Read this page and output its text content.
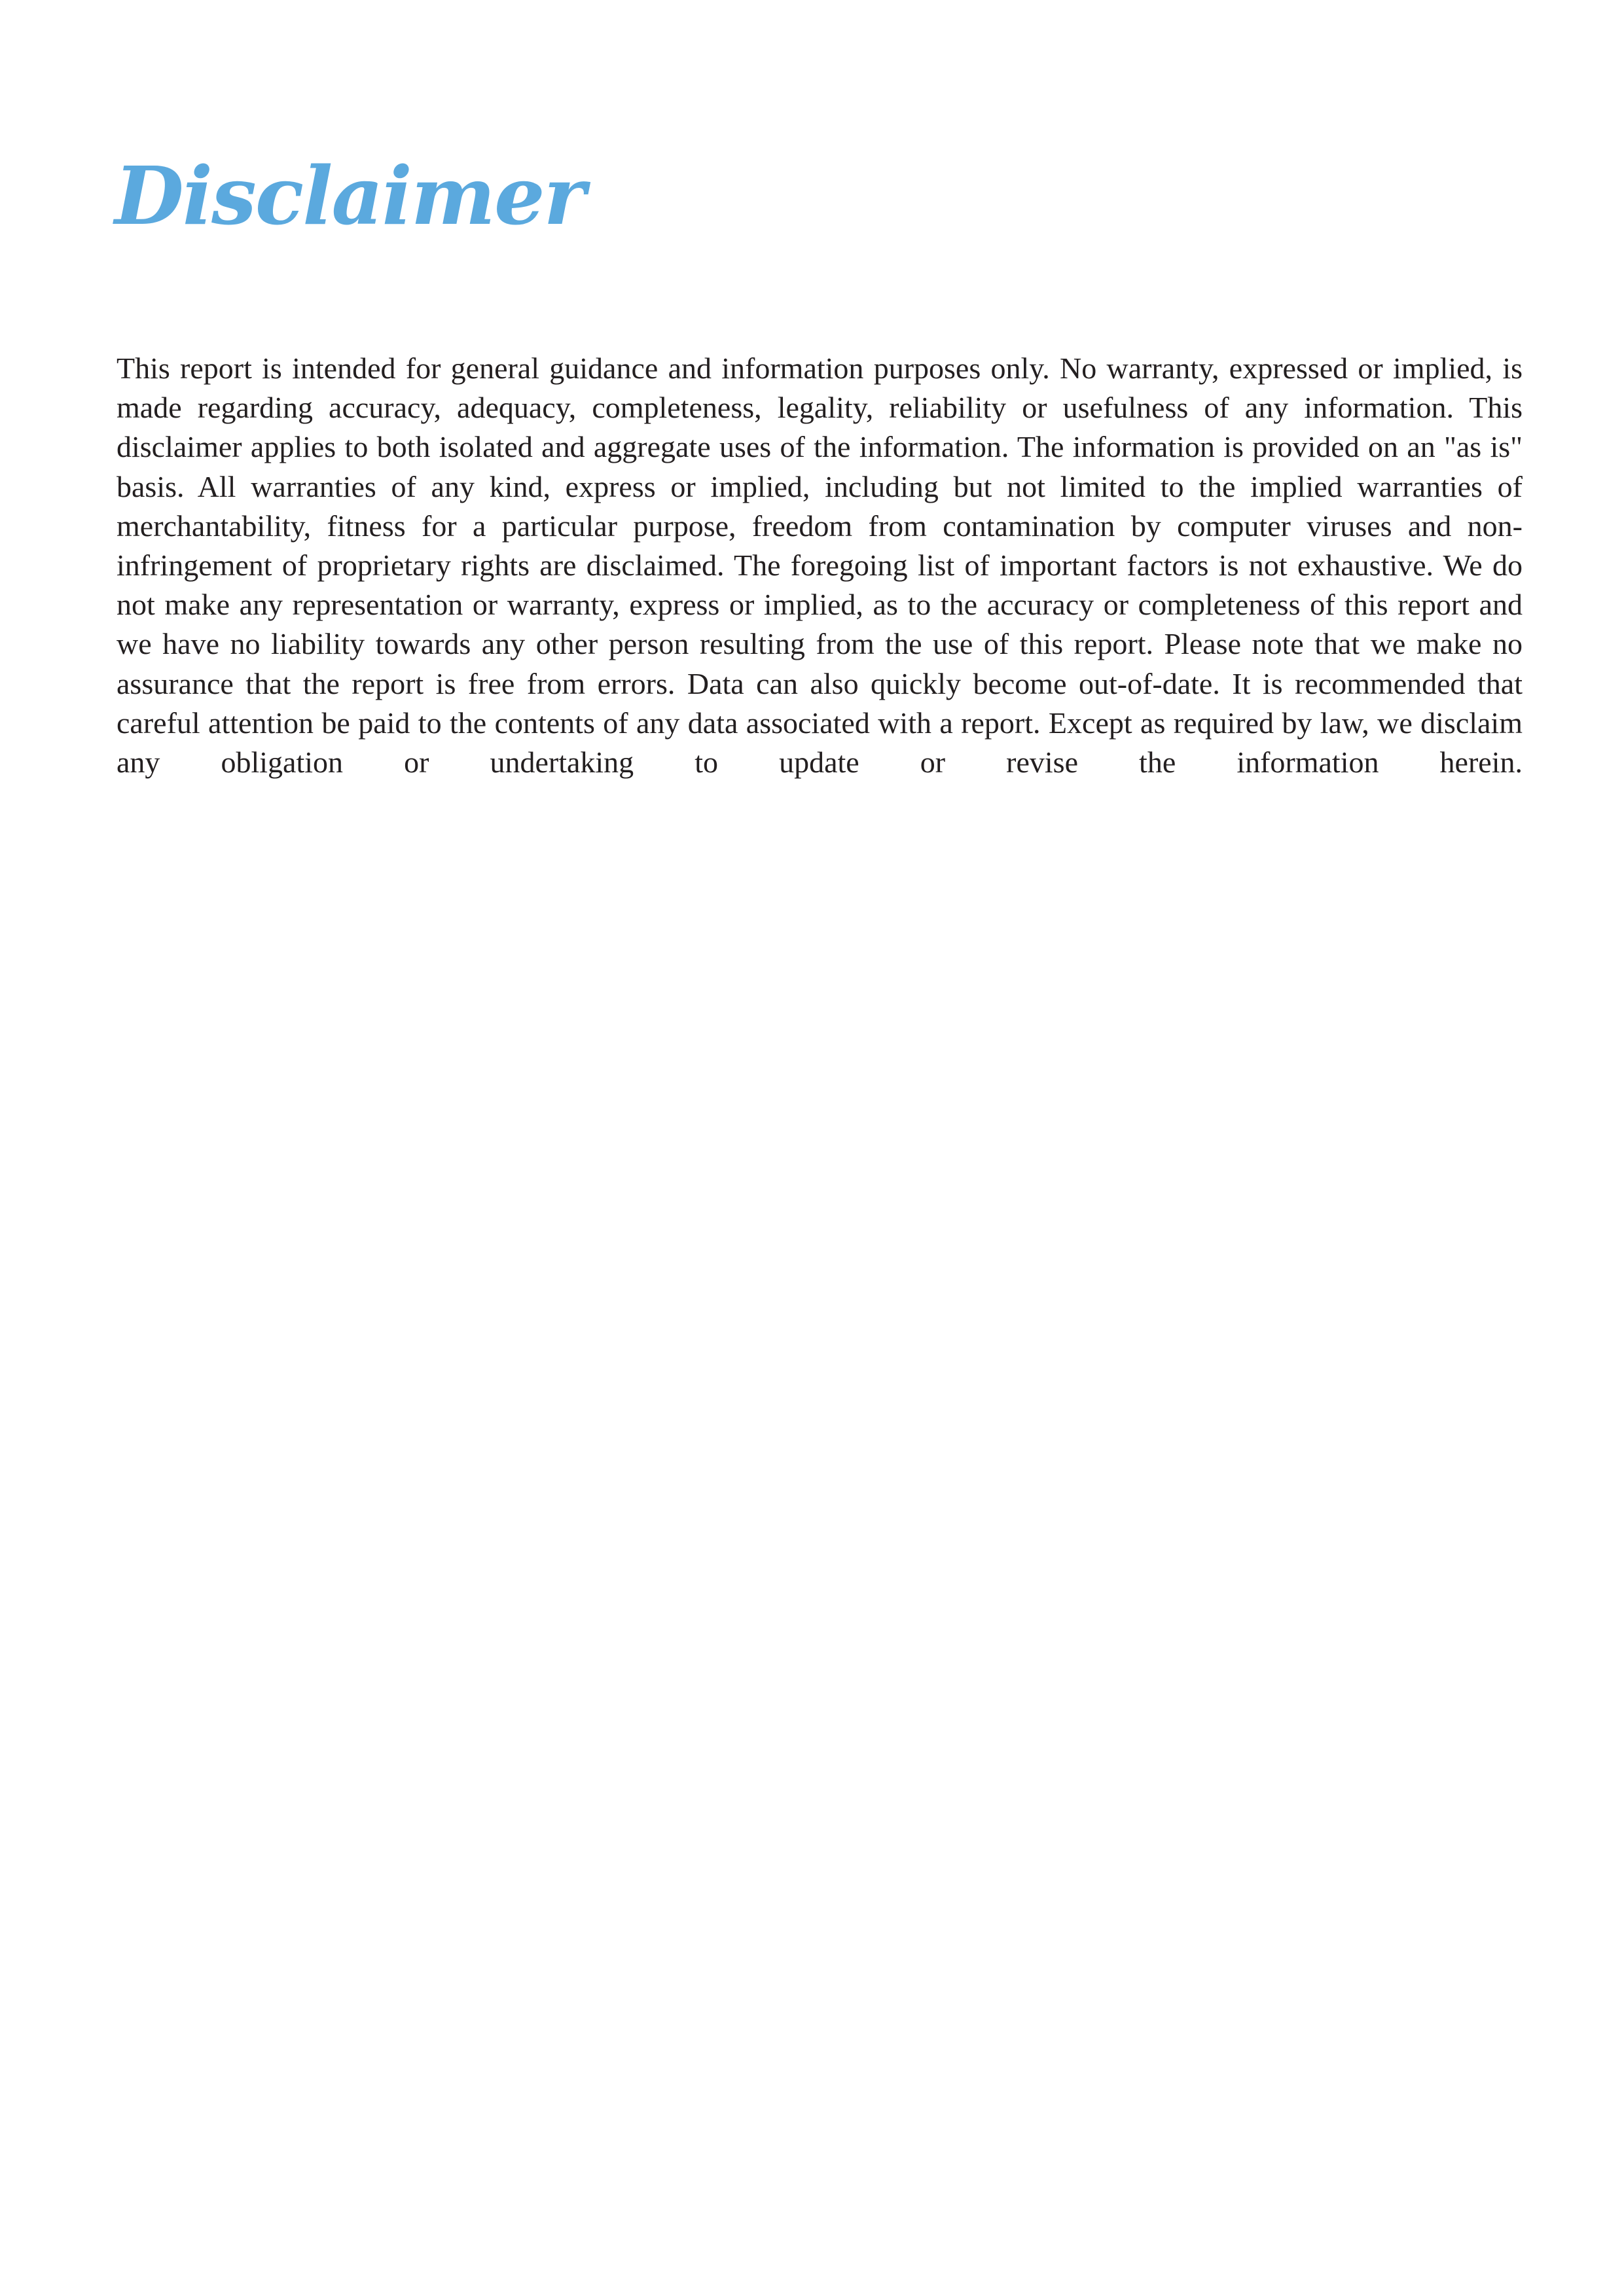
Disclaimer

This report is intended for general guidance and information purposes only. No warranty, expressed or implied, is made regarding accuracy, adequacy, completeness, legality, reliability or usefulness of any information. This disclaimer applies to both isolated and aggregate uses of the information. The information is provided on an "as is" basis. All warranties of any kind, express or implied, including but not limited to the implied warranties of merchantability, fitness for a particular purpose, freedom from contamination by computer viruses and non-infringement of proprietary rights are disclaimed. The foregoing list of important factors is not exhaustive. We do not make any representation or warranty, express or implied, as to the accuracy or completeness of this report and we have no liability towards any other person resulting from the use of this report. Please note that we make no assurance that the report is free from errors. Data can also quickly become out-of-date. It is recommended that careful attention be paid to the contents of any data associated with a report. Except as required by law, we disclaim any obligation or undertaking to update or revise the information herein.
